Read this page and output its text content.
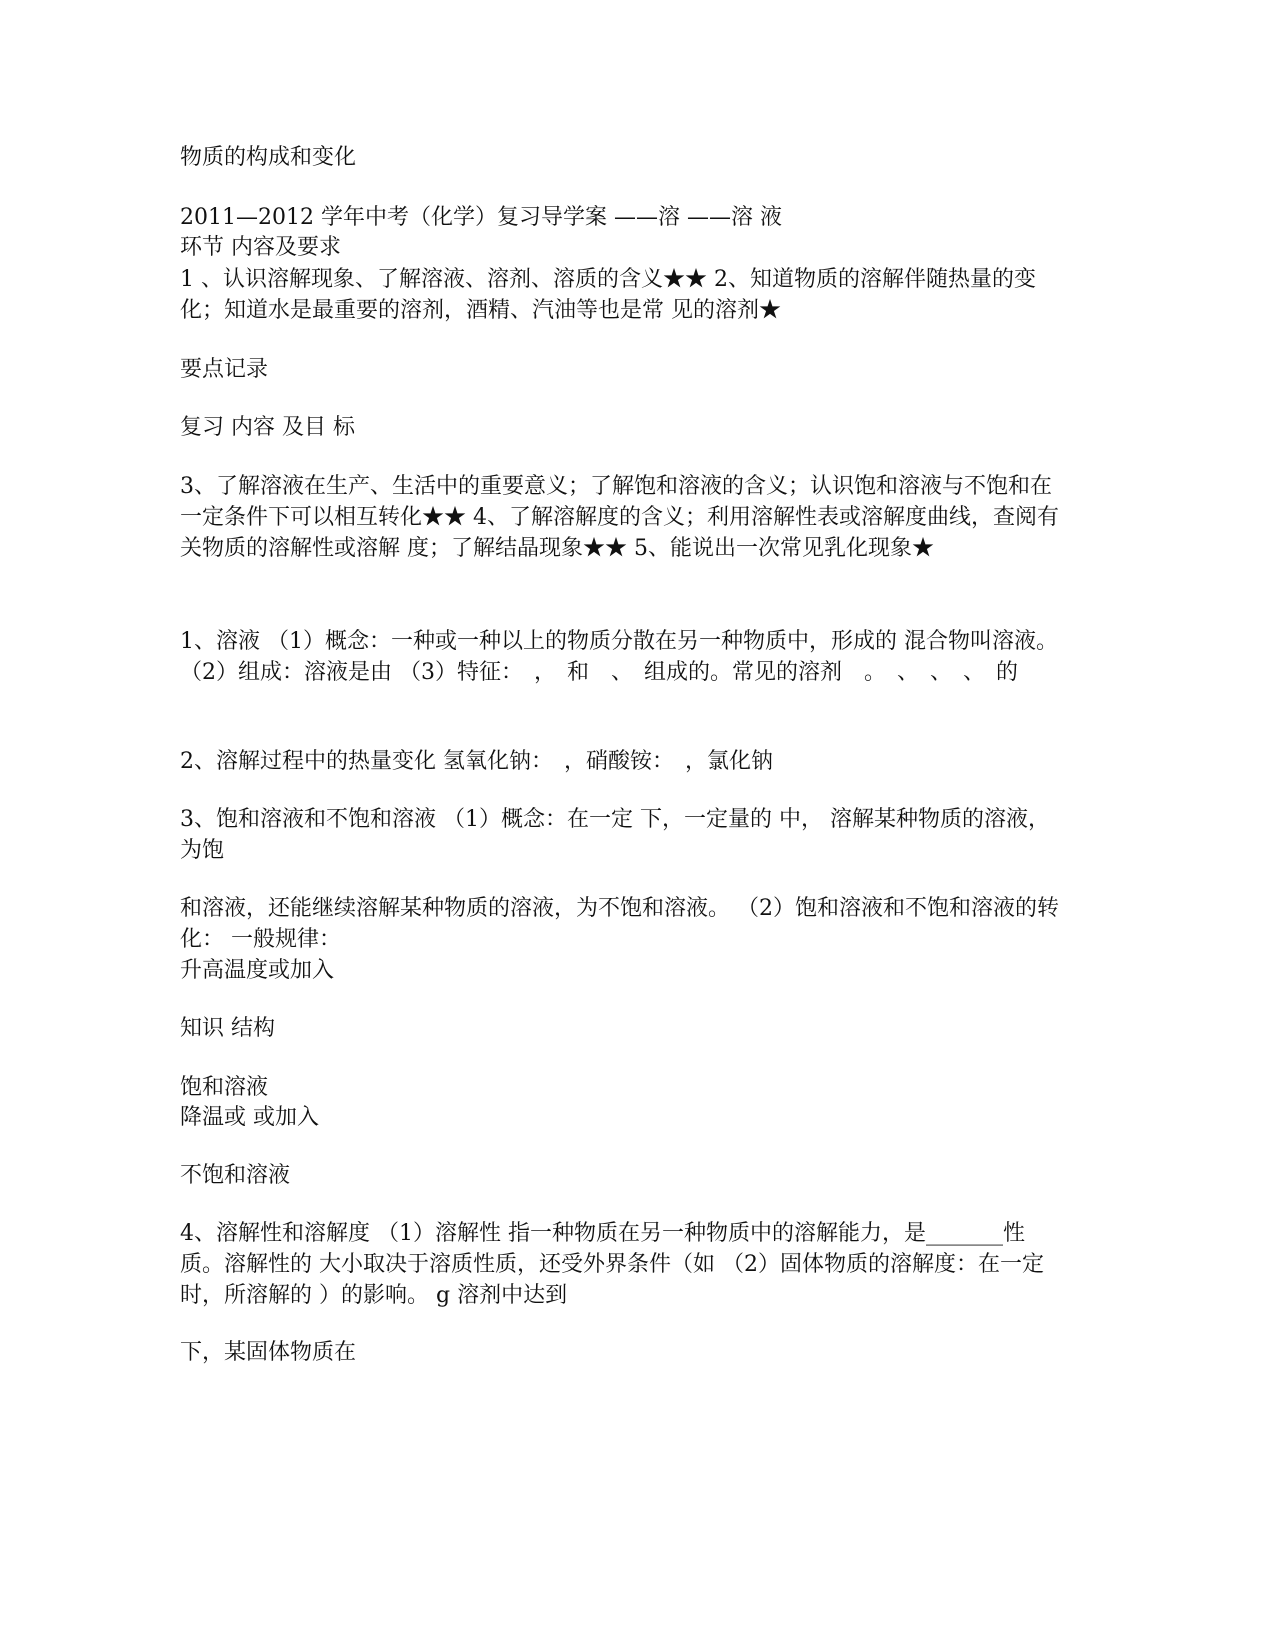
物质的构成和变化

2011—2012 学年中考（化学）复习导学案 ——溶 ——溶 液

环节 内容及要求

1 、认识溶解现象、了解溶液、溶剂、溶质的含义★★ 2、知道物质的溶解伴随热量的变化；知道水是最重要的溶剂，酒精、汽油等也是常 见的溶剂★

要点记录

复习 内容 及目 标

3、了解溶液在生产、生活中的重要意义；了解饱和溶液的含义；认识饱和溶液与不饱和在一定条件下可以相互转化★★ 4、了解溶解度的含义；利用溶解性表或溶解度曲线，查阅有关物质的溶解性或溶解 度；了解结晶现象★★ 5、能说出一次常见乳化现象★

1、溶液 （1）概念：一种或一种以上的物质分散在另一种物质中，形成的 混合物叫溶液。 （2）组成：溶液是由 （3）特征：　，　和　、　组成的。常见的溶剂　。　、　、　、　的

2、溶解过程中的热量变化 氢氧化钠：　，硝酸铵：　，氯化钠

3、饱和溶液和不饱和溶液 （1）概念：在一定 下，一定量的 中， 溶解某种物质的溶液，为饱

和溶液，还能继续溶解某种物质的溶液，为不饱和溶液。 （2）饱和溶液和不饱和溶液的转化： 一般规律：

升高温度或加入

知识 结构

饱和溶液

降温或 或加入

不饱和溶液

4、溶解性和溶解度 （1）溶解性 指一种物质在另一种物质中的溶解能力，是_______性质。溶解性的 大小取决于溶质性质，还受外界条件（如 （2）固体物质的溶解度：在一定 时，所溶解的 ）的影响。 g 溶剂中达到

下，某固体物质在
